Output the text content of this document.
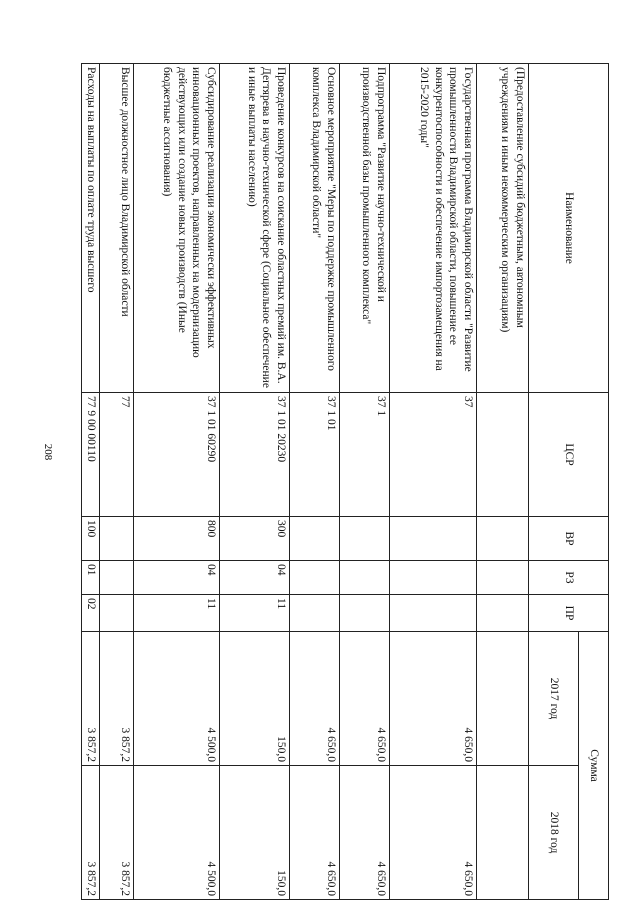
208
Наименование	ЦСР	ВР	РЗ	ПР	Сумма	
					2017 год	2018 год
(Предоставление субсидий бюджетным, автономным учреждениям и иным некоммерческим организациям)						
Государственная программа Владимирской области "Развитие промышленности Владимирской области, повышение ее конкурентоспособности и обеспечение импортозамещения на 2015-2020 годы"	37				4 650,0	4 650,0
Подпрограмма "Развитие научно-технической и производственной базы промышленного комплекса"	37 1				4 650,0	4 650,0
Основное мероприятие "Меры по поддержке промышленного комплекса Владимирской области"	37 1 01				4 650,0	4 650,0
Проведение конкурсов на соискание областных премий им. В.А. Дегтярева в научно-технической сфере (Социальное обеспечение и иные выплаты населению)	37 1 01 20230	300	04	11	150,0	150,0
Субсидирование реализации экономически эффективных инновационных проектов, направленных на модернизацию действующих или создание новых производств (Иные бюджетные ассигнования)	37 1 01 60290	800	04	11	4 500,0	4 500,0
Высшее должностное лицо Владимирской области	77				3 857,2	3 857,2
Расходы на выплаты по оплате труда высшего	77 9 00 00110	100	01	02	3 857,2	3 857,2
